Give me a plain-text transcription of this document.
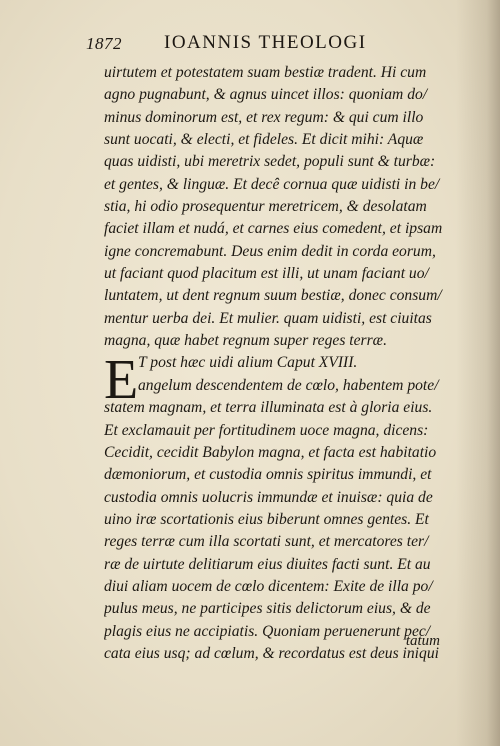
1872 IOANNIS THEOLOGI
E
uirtutem et potestatem suam bestiæ tradent. Hi cum
agno pugnabunt, & agnus uincet illos: quoniam do/
minus dominorum est, et rex regum: & qui cum illo
sunt uocati, & electi, et fideles. Et dicit mihi: Aquæ
quas uidisti, ubi meretrix sedet, populi sunt & turbæ:
et gentes, & linguæ. Et decê cornua quæ uidisti in be/
stia, hi odio prosequentur meretricem, & desolatam
faciet illam et nudá, et carnes eius comedent, et ipsam
igne concremabunt. Deus enim dedit in corda eorum,
ut faciant quod placitum est illi, ut unam faciant uo/
luntatem, ut dent regnum suum bestiæ, donec consum/
mentur uerba dei. Et mulier. quam uidisti, est ciuitas
magna, quæ habet regnum super reges terræ.
T post hæc uidi alium Caput XVIII.
angelum descendentem de cœlo, habentem pote/
statem magnam, et terra illuminata est à gloria eius.
Et exclamauit per fortitudinem uoce magna, dicens:
Cecidit, cecidit Babylon magna, et facta est habitatio
dæmoniorum, et custodia omnis spiritus immundi, et
custodia omnis uolucris immundæ et inuisæ: quia de
uino iræ scortationis eius biberunt omnes gentes. Et
reges terræ cum illa scortati sunt, et mercatores ter/
ræ de uirtute delitiarum eius diuites facti sunt. Et au
diui aliam uocem de cœlo dicentem: Exite de illa po/
pulus meus, ne participes sitis delictorum eius, & de
plagis eius ne accipiatis. Quoniam peruenerunt pec/
cata eius usq; ad cœlum, & recordatus est deus iniqui
tatum
